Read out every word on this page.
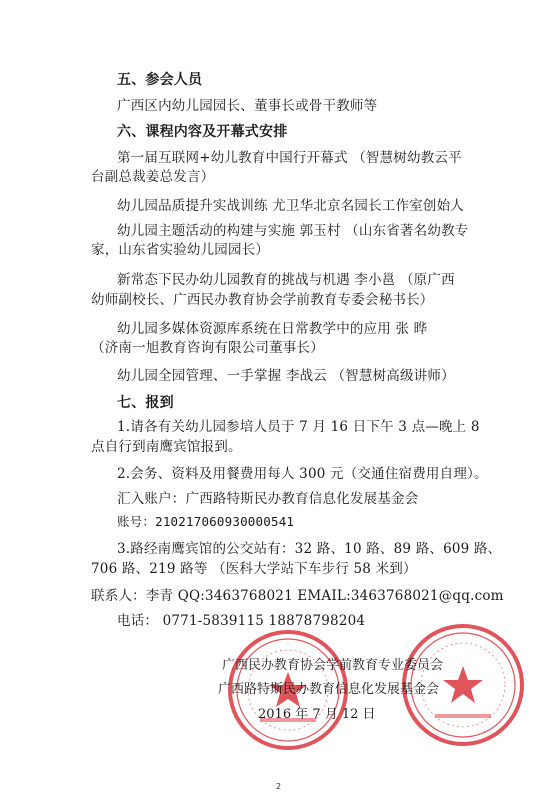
五、参会人员
广西区内幼儿园园长、董事长或骨干教师等
六、课程内容及开幕式安排
第一届互联网+幼儿教育中国行开幕式 （智慧树幼教云平
台副总裁姜总发言）
幼儿园品质提升实战训练 尤卫华北京名园长工作室创始人
幼儿园主题活动的构建与实施 郭玉村 （山东省著名幼教专
家，山东省实验幼儿园园长）
新常态下民办幼儿园教育的挑战与机遇 李小邕 （原广西
幼师副校长、广西民办教育协会学前教育专委会秘书长）
幼儿园多媒体资源库系统在日常教学中的应用 张 晔
（济南一旭教育咨询有限公司董事长）
幼儿园全园管理、一手掌握 李战云 （智慧树高级讲师）
七、报到
1.请各有关幼儿园参培人员于 7 月 16 日下午 3 点—晚上 8
点自行到南鹰宾馆报到。
2.会务、资料及用餐费用每人 300 元（交通住宿费用自理）。
汇入账户：广西路特斯民办教育信息化发展基金会
账号：210217060930000541
3.路经南鹰宾馆的公交站有：32 路、10 路、89 路、609 路、
706 路、219 路等 （医科大学站下车步行 58 米到）
联系人：李青 QQ:3463768021 EMAIL:3463768021@qq.com
电话： 0771-5839115 18878798204
广西民办教育协会学前教育专业委员会
广西路特斯民办教育信息化发展基金会
2016 年 7 月 12 日
2
